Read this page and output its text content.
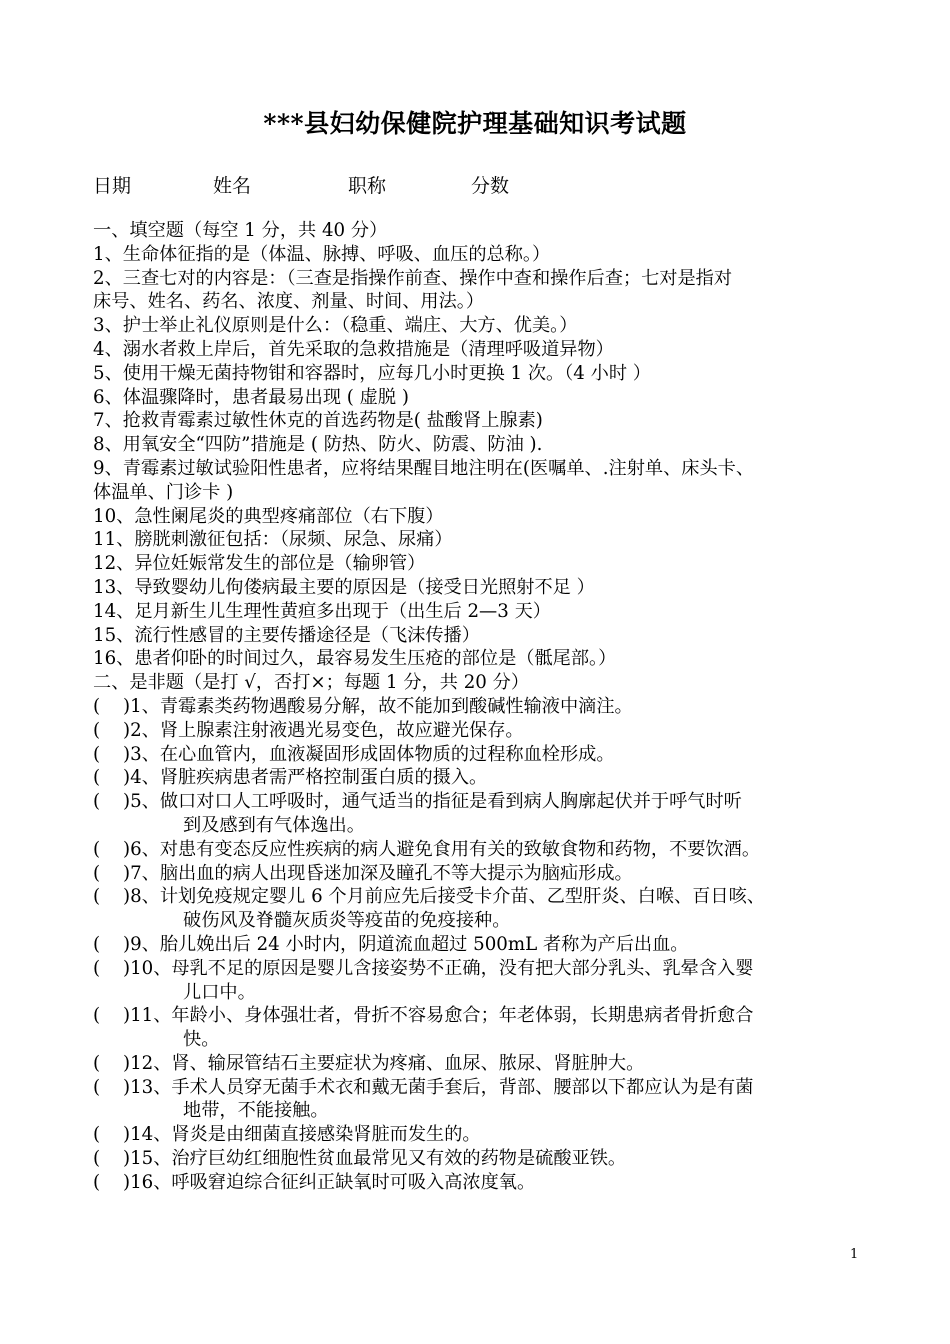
***县妇幼保健院护理基础知识考试题
日期	姓名	职称	分数
一、填空题（每空 1 分，共 40 分）
1、生命体征指的是（体温、脉搏、呼吸、血压的总称。）
2、三查七对的内容是：（三查是指操作前查、操作中查和操作后查；七对是指对
床号、姓名、药名、浓度、剂量、时间、用法。）
3、护士举止礼仪原则是什么：（稳重、端庄、大方、优美。）
4、溺水者救上岸后，首先采取的急救措施是（清理呼吸道异物）
5、使用干燥无菌持物钳和容器时，应每几小时更换 1 次。（4 小时 ）
6、体温骤降时，患者最易出现 ( 虚脱 )
7、抢救青霉素过敏性休克的首选药物是( 盐酸肾上腺素)
8、用氧安全“四防”措施是 ( 防热、防火、防震、防油 ).
9、青霉素过敏试验阳性患者，应将结果醒目地注明在(医嘱单、.注射单、床头卡、
体温单、门诊卡 )
10、急性阑尾炎的典型疼痛部位（右下腹）
11、膀胱刺激征包括：（尿频、尿急、尿痛）
12、异位妊娠常发生的部位是（输卵管）
13、导致婴幼儿佝偻病最主要的原因是（接受日光照射不足 ）
14、足月新生儿生理性黄疸多出现于（出生后 2—3 天）
15、流行性感冒的主要传播途径是（飞沫传播）
16、患者仰卧的时间过久，最容易发生压疮的部位是（骶尾部。）
二、是非题（是打 √，否打×；每题 1 分，共 20 分）
( )1、青霉素类药物遇酸易分解，故不能加到酸碱性输液中滴注。
( )2、肾上腺素注射液遇光易变色，故应避光保存。
( )3、在心血管内，血液凝固形成固体物质的过程称血栓形成。
( )4、肾脏疾病患者需严格控制蛋白质的摄入。
( )5、做口对口人工呼吸时，通气适当的指征是看到病人胸廓起伏并于呼气时听
到及感到有气体逸出。
( )6、对患有变态反应性疾病的病人避免食用有关的致敏食物和药物，不要饮酒。
( )7、脑出血的病人出现昏迷加深及瞳孔不等大提示为脑疝形成。
( )8、计划免疫规定婴儿 6 个月前应先后接受卡介苗、乙型肝炎、白喉、百日咳、
破伤风及脊髓灰质炎等疫苗的免疫接种。
( )9、胎儿娩出后 24 小时内，阴道流血超过 500mL 者称为产后出血。
( )10、母乳不足的原因是婴儿含接姿势不正确，没有把大部分乳头、乳晕含入婴
儿口中。
( )11、年龄小、身体强壮者，骨折不容易愈合；年老体弱，长期患病者骨折愈合
快。
( )12、肾、输尿管结石主要症状为疼痛、血尿、脓尿、肾脏肿大。
( )13、手术人员穿无菌手术衣和戴无菌手套后，背部、腰部以下都应认为是有菌
地带，不能接触。
( )14、肾炎是由细菌直接感染肾脏而发生的。
( )15、治疗巨幼红细胞性贫血最常见又有效的药物是硫酸亚铁。
( )16、呼吸窘迫综合征纠正缺氧时可吸入高浓度氧。
1
